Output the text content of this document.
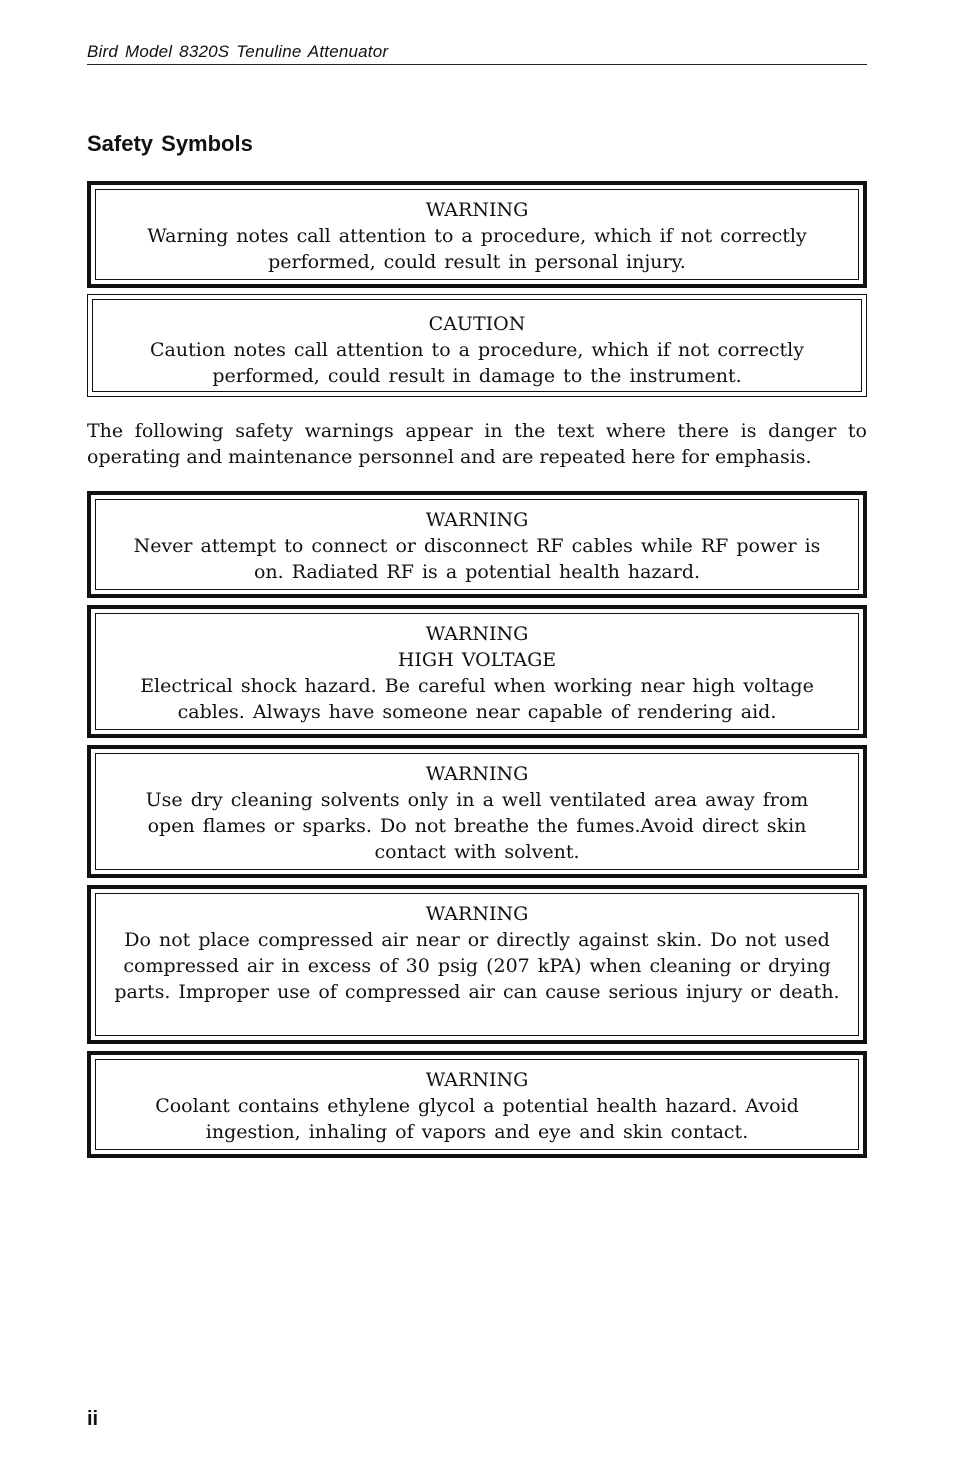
Bird Model 8320S Tenuline Attenuator
Safety Symbols
WARNING
Warning notes call attention to a procedure, which if not correctly performed, could result in personal injury.
CAUTION
Caution notes call attention to a procedure, which if not correctly performed, could result in damage to the instrument.

The following safety warnings appear in the text where there is danger to operating and maintenance personnel and are repeated here for emphasis.

WARNING
Never attempt to connect or disconnect RF cables while RF power is on. Radiated RF is a potential health hazard.
WARNING
HIGH VOLTAGE
Electrical shock hazard. Be careful when working near high voltage cables. Always have someone near capable of rendering aid.
WARNING
Use dry cleaning solvents only in a well ventilated area away from open flames or sparks. Do not breathe the fumes.Avoid direct skin contact with solvent.
WARNING
Do not place compressed air near or directly against skin. Do not used compressed air in excess of 30 psig (207 kPA) when cleaning or drying parts. Improper use of compressed air can cause serious injury or death.
WARNING
Coolant contains ethylene glycol a potential health hazard. Avoid ingestion, inhaling of vapors and eye and skin contact.
ii
